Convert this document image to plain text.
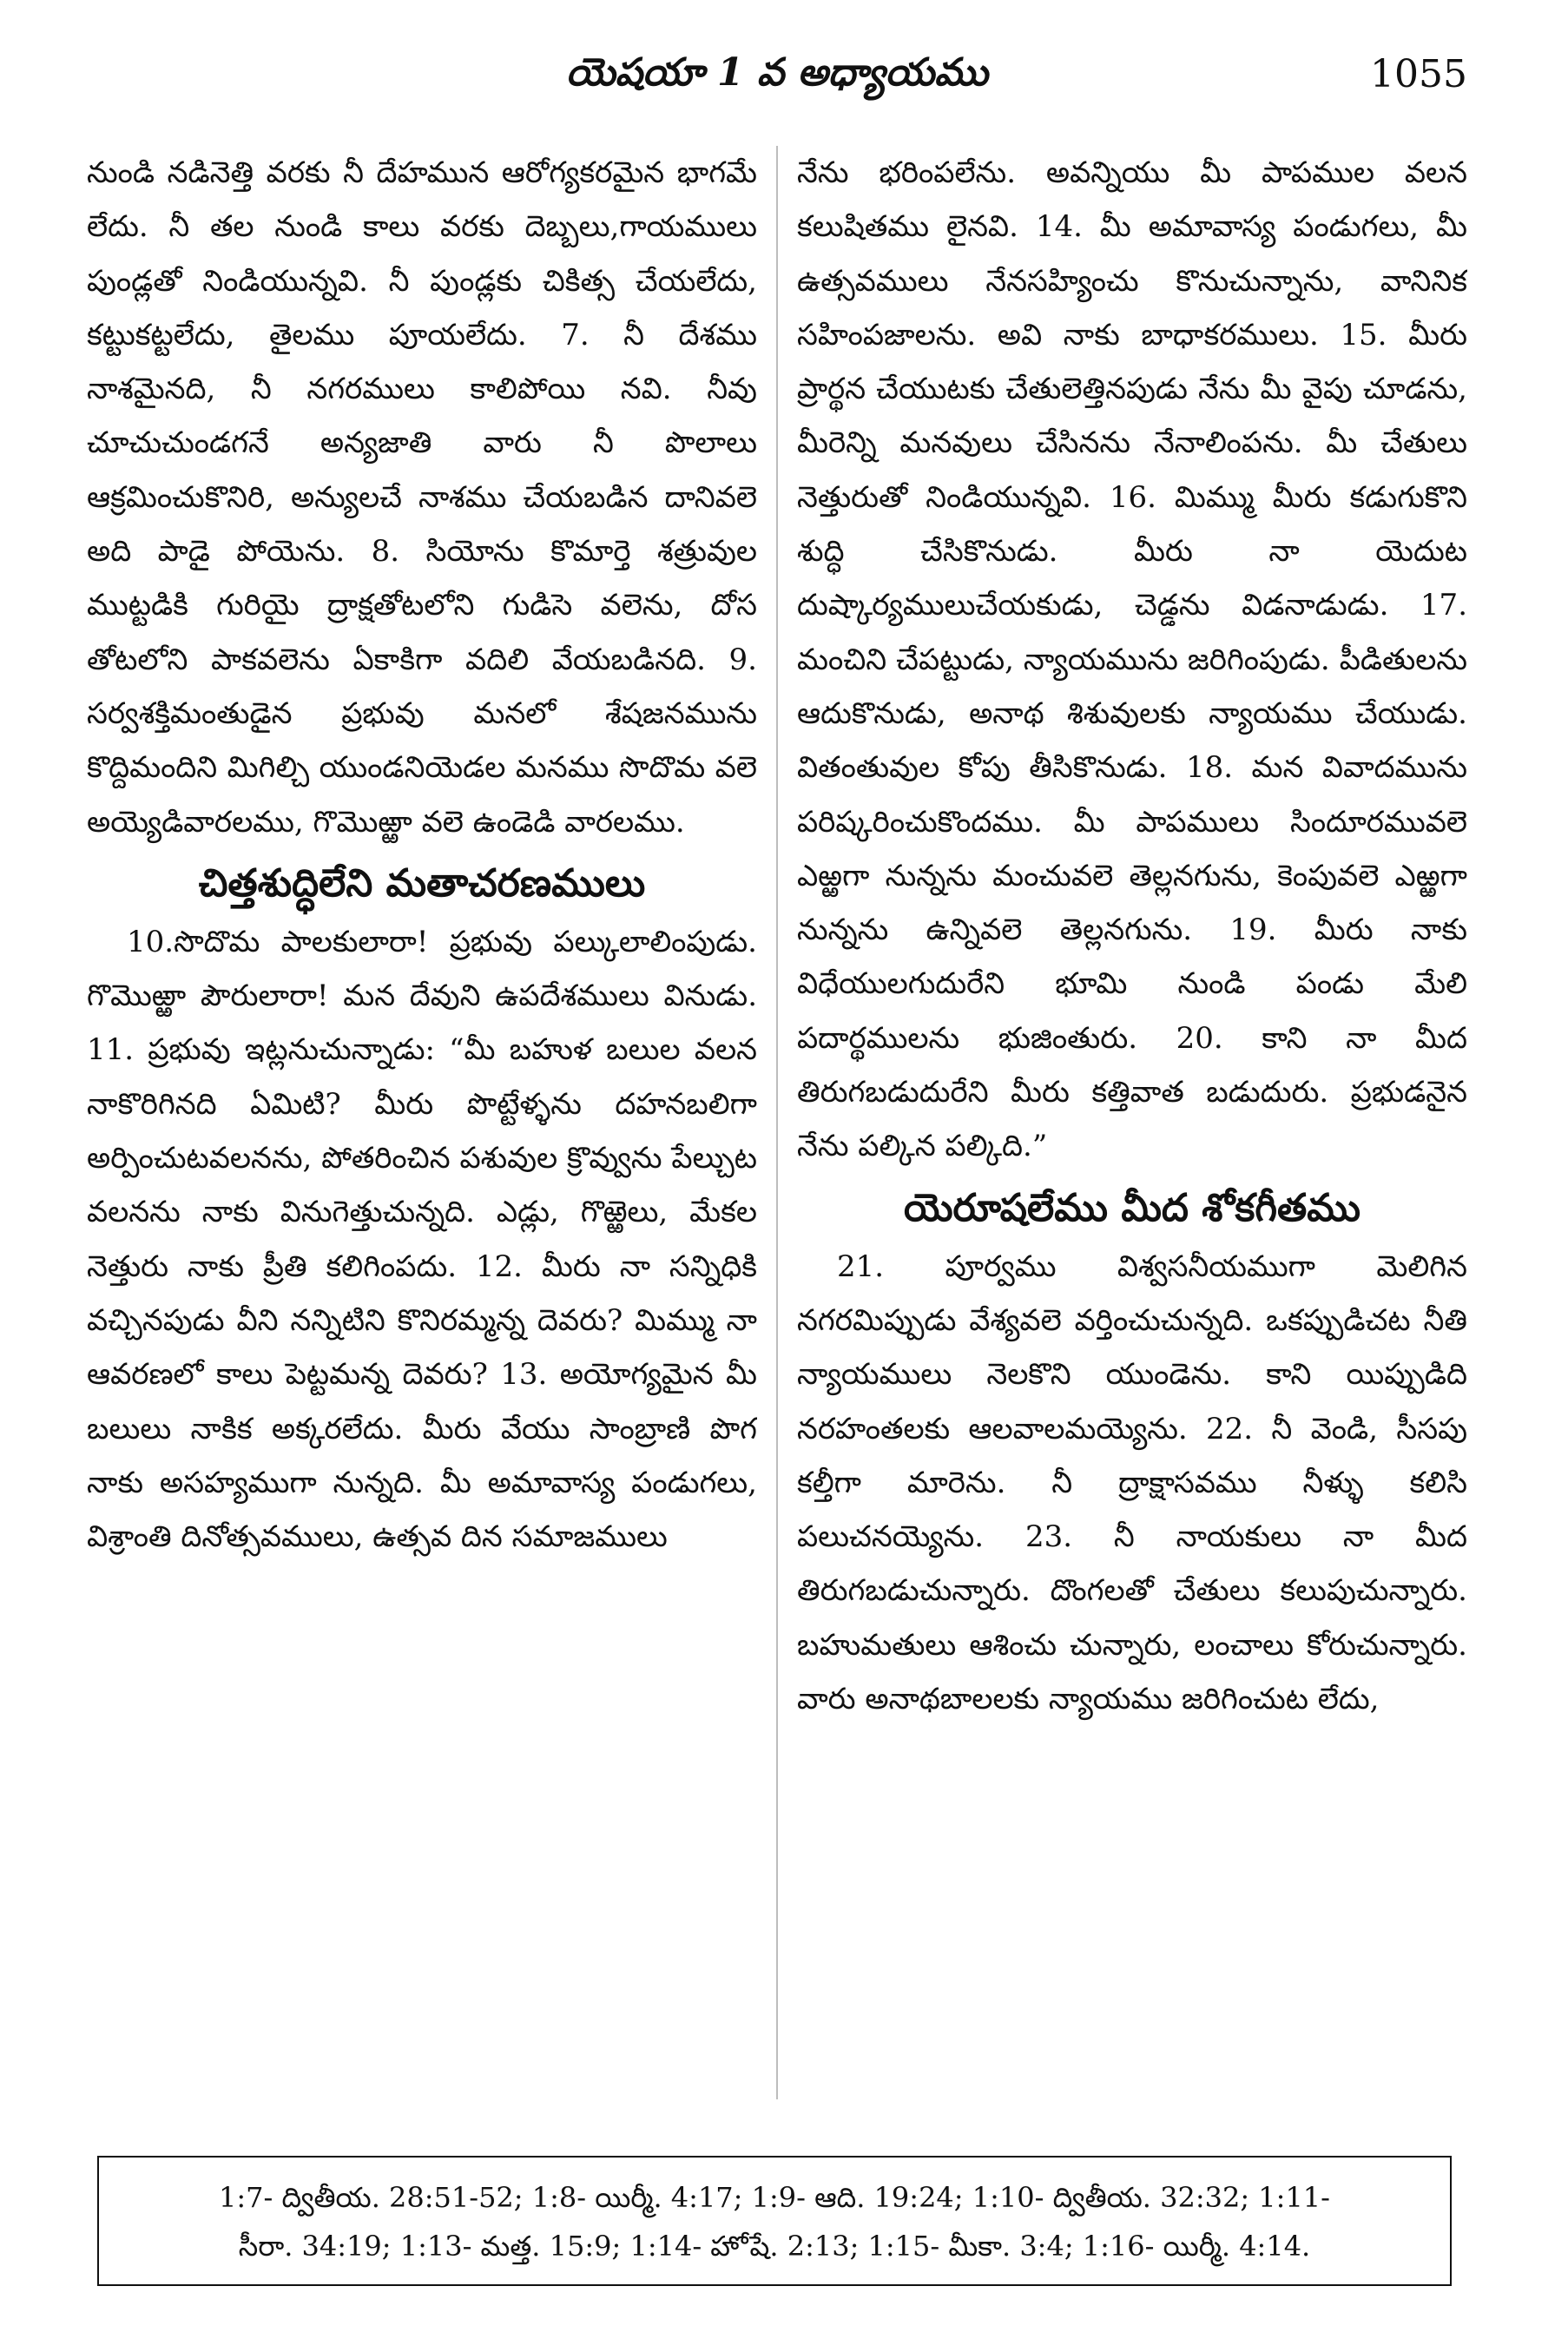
యెషయా 1 వ అధ్యాయము	1055

నుండి నడినెత్తి వరకు నీ దేహమున ఆరోగ్యకరమైన భాగమే లేదు. నీ తల నుండి కాలు వరకు దెబ్బలు,గాయములు పుండ్లతో నిండియున్నవి. నీ పుండ్లకు చికిత్స చేయలేదు, కట్టుకట్టలేదు, తైలము పూయలేదు. 7. నీ దేశము నాశమైనది, నీ నగరములు కాలిపోయి నవి. నీవు చూచుచుండగనే అన్యజాతి వారు నీ పొలాలు ఆక్రమించుకొనిరి, అన్యులచే నాశము చేయబడిన దానివలె అది పాడై పోయెను. 8. సియోను కొమార్తె శత్రువుల ముట్టడికి గురియై ద్రాక్షతోటలోని గుడిసె వలెను, దోస తోటలోని పాకవలెను ఏకాకిగా వదిలి వేయబడినది. 9. సర్వశక్తిమంతుడైన ప్రభువు మనలో శేషజనమును కొద్దిమందిని మిగిల్చి యుండనియెడల మనము సొదొమ వలె అయ్యెడివారలము, గొమొఱ్ఱా వలె ఉండెడి వారలము.

చిత్తశుద్ధిలేని మతాచరణములు

10.సొదొమ పాలకులారా! ప్రభువు పల్కులాలింపుడు. గొమొఱ్ఱా పౌరులారా! మన దేవుని ఉపదేశములు వినుడు. 11. ప్రభువు ఇట్లనుచున్నాడు: “మీ బహుళ బలుల వలన నాకొరిగినది ఏమిటి? మీరు పొట్టేళ్ళను దహనబలిగా అర్పించుటవలనను, పోతరించిన పశువుల క్రొవ్వును పేల్చుట వలనను నాకు వినుగెత్తుచున్నది. ఎడ్లు, గొఱ్ఱెలు, మేకల నెత్తురు నాకు ప్రీతి కలిగింపదు. 12. మీరు నా సన్నిధికి వచ్చినపుడు వీని నన్నిటిని కొనిరమ్మన్న దెవరు? మిమ్ము నా ఆవరణలో కాలు పెట్టమన్న దెవరు? 13. అయోగ్యమైన మీ బలులు నాకిక అక్కరలేదు. మీరు వేయు సాంబ్రాణి పొగ నాకు అసహ్యముగా నున్నది. మీ అమావాస్య పండుగలు, విశ్రాంతి దినోత్సవములు, ఉత్సవ దిన సమాజములు

నేను భరింపలేను. అవన్నియు మీ పాపముల వలన కలుషితము లైనవి. 14. మీ అమావాస్య పండుగలు, మీ ఉత్సవములు నేనసహ్యించు కొనుచున్నాను, వానినిక సహింపజాలను. అవి నాకు బాధాకరములు. 15. మీరు ప్రార్థన చేయుటకు చేతులెత్తినపుడు నేను మీ వైపు చూడను, మీరెన్ని మనవులు చేసినను నేనాలింపను. మీ చేతులు నెత్తురుతో నిండియున్నవి. 16. మిమ్ము మీరు కడుగుకొని శుద్ధి చేసికొనుడు. మీరు నా యెదుట దుష్కార్యములుచేయకుడు, చెడ్డను విడనాడుడు. 17. మంచిని చేపట్టుడు, న్యాయమును జరిగింపుడు. పీడితులను ఆదుకొనుడు, అనాథ శిశువులకు న్యాయము చేయుడు. వితంతువుల కోపు తీసికొనుడు. 18. మన వివాదమును పరిష్కరించుకొందము. మీ పాపములు సిందూరమువలె ఎఱ్ఱగా నున్నను మంచువలె తెల్లనగును, కెంపువలె ఎఱ్ఱగా నున్నను ఉన్నివలె తెల్లనగును. 19. మీరు నాకు విధేయులగుదురేని భూమి నుండి పండు మేలి పదార్థములను భుజింతురు. 20. కాని నా మీద తిరుగబడుదురేని మీరు కత్తివాత బడుదురు. ప్రభుడనైన నేను పల్కిన పల్కిది.”

యెరూషలేము మీద శోకగీతము

21. పూర్వము విశ్వసనీయముగా మెలిగిన నగరమిప్పుడు వేశ్యవలె వర్తించుచున్నది. ఒకప్పుడిచట నీతి న్యాయములు నెలకొని యుండెను. కాని యిప్పుడిది నరహంతలకు ఆలవాలమయ్యెను. 22. నీ వెండి, సీసపు కల్తీగా మారెను. నీ ద్రాక్షాసవము నీళ్ళు కలిసి పలుచనయ్యెను. 23. నీ నాయకులు నా మీద తిరుగబడుచున్నారు. దొంగలతో చేతులు కలుపుచున్నారు. బహుమతులు ఆశించు చున్నారు, లంచాలు కోరుచున్నారు. వారు అనాథబాలలకు న్యాయము జరిగించుట లేదు,

1:7- ద్వితీయ. 28:51-52; 1:8- యిర్మీ. 4:17; 1:9- ఆది. 19:24; 1:10- ద్వితీయ. 32:32; 1:11-
సీరా. 34:19; 1:13- మత్త. 15:9; 1:14- హోషే. 2:13; 1:15- మీకా. 3:4; 1:16- యిర్మీ. 4:14.
